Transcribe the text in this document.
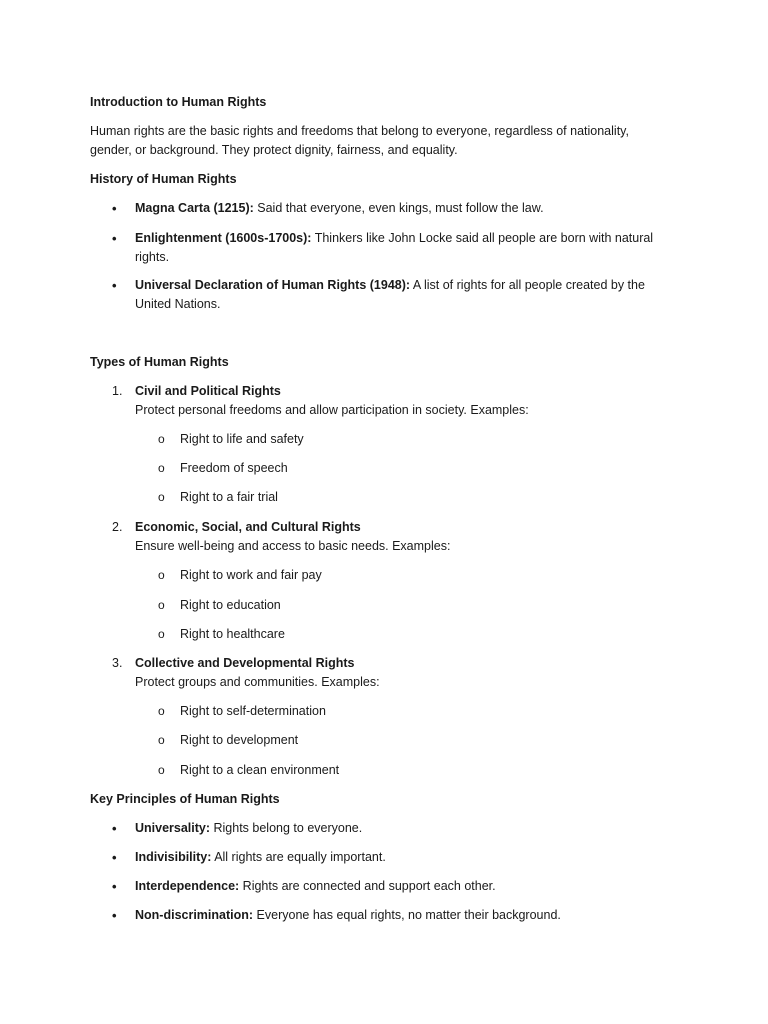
Introduction to Human Rights
Human rights are the basic rights and freedoms that belong to everyone, regardless of nationality, gender, or background. They protect dignity, fairness, and equality.
History of Human Rights
• Magna Carta (1215): Said that everyone, even kings, must follow the law.
• Enlightenment (1600s-1700s): Thinkers like John Locke said all people are born with natural rights.
• Universal Declaration of Human Rights (1948): A list of rights for all people created by the United Nations.
Types of Human Rights
1. Civil and Political Rights
Protect personal freedoms and allow participation in society. Examples:
o Right to life and safety
o Freedom of speech
o Right to a fair trial
2. Economic, Social, and Cultural Rights
Ensure well-being and access to basic needs. Examples:
o Right to work and fair pay
o Right to education
o Right to healthcare
3. Collective and Developmental Rights
Protect groups and communities. Examples:
o Right to self-determination
o Right to development
o Right to a clean environment
Key Principles of Human Rights
• Universality: Rights belong to everyone.
• Indivisibility: All rights are equally important.
• Interdependence: Rights are connected and support each other.
• Non-discrimination: Everyone has equal rights, no matter their background.
